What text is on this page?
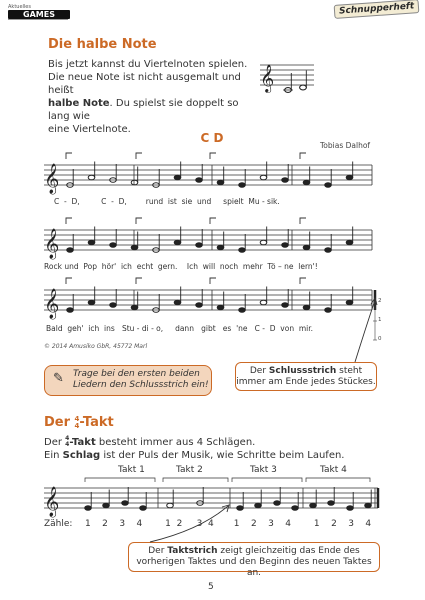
Aktuelles
GAMES	Schnupperheft
Die halbe Note
Bis jetzt kannst du Viertelnoten spielen.
Die neue Note ist nicht ausgemalt und heißt
halbe Note. Du spielst sie doppelt so lang wie
eine Viertelnote.
𝄞
C D
Tobias Dalhof
𝄞
𝄞
𝄞
C  -  D,         C  -  D,        rund  ist  sie  und     spielt  Mu - sik.
Rock und  Pop  hör'  ich  echt  gern.    Ich  will  noch  mehr  Tö – ne  lern'!
Bald  geh'  ich  ins   Stu - di - o,     dann   gibt   es  'ne   C -  D  von  mir.
© 2014 Amusiko GbR, 45772 Marl
✎ Trage bei den ersten beiden
Liedern den Schlussstrich ein!
Der Schlussstrich steht
immer am Ende jedes Stückes.
Der 4
4-Takt
Der 4
4-Takt besteht immer aus 4 Schlägen.
Ein Schlag ist der Puls der Musik, wie Schritte beim Laufen.
Takt 1	Takt 2	Takt 3	Takt 4
𝄞
Zähle: 1    2    3    4        1  2     3  4       1    2    3    4        1    2    3    4
Der Taktstrich zeigt gleichzeitig das Ende des
vorherigen Taktes und den Beginn des neuen Taktes an.
2
1
0
5
